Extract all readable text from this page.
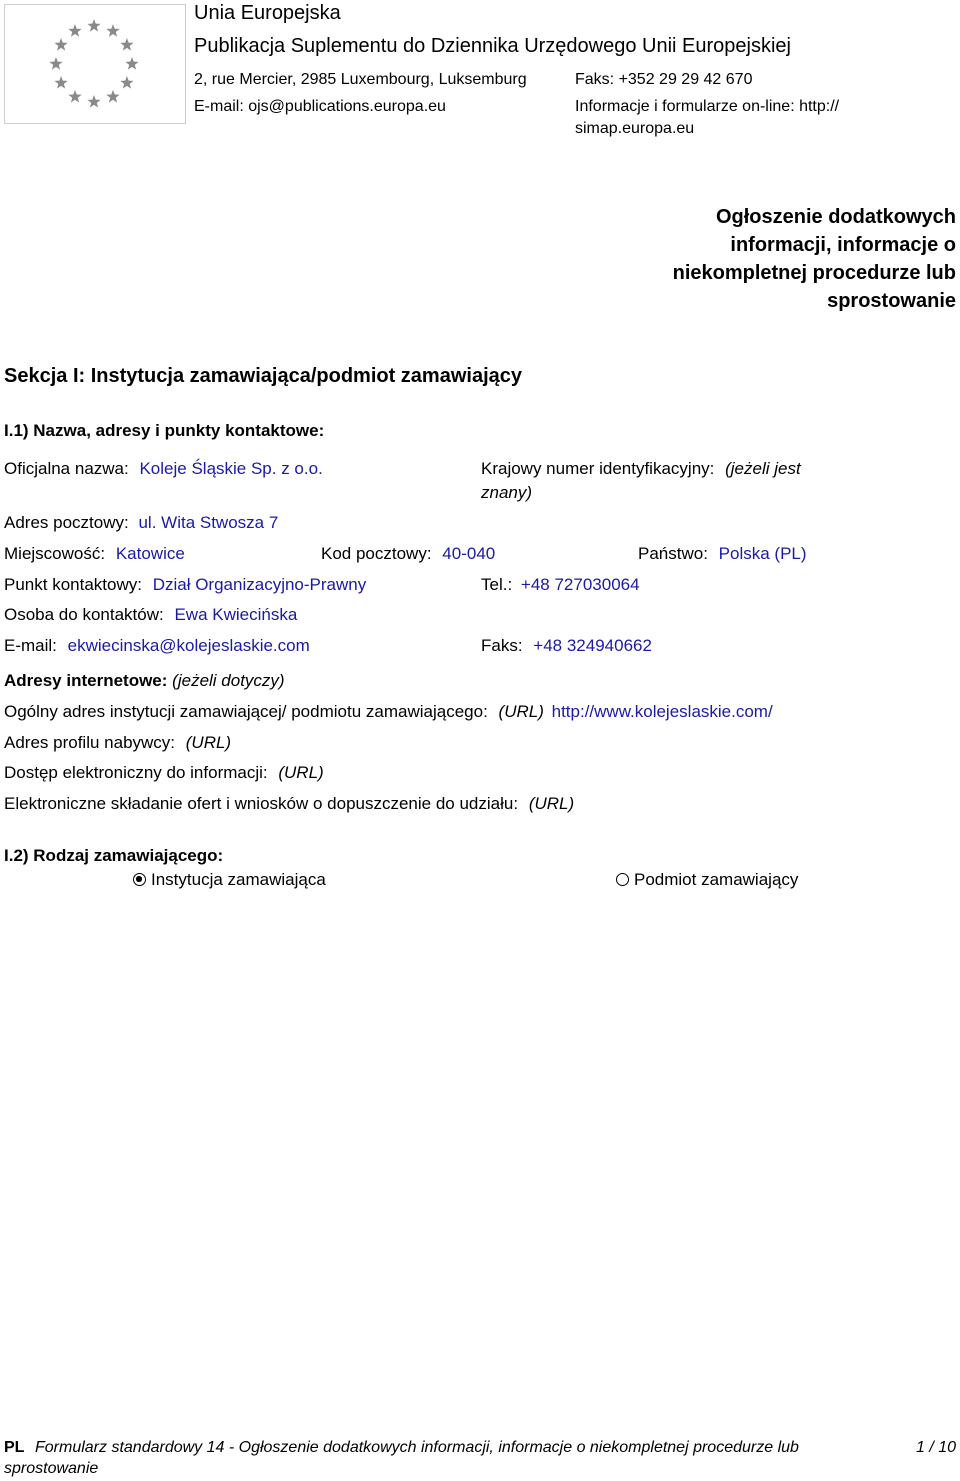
Unia Europejska
Publikacja Suplementu do Dziennika Urzędowego Unii Europejskiej
2, rue Mercier, 2985 Luxembourg, Luksemburg	Faks: +352 29 29 42 670
E-mail: ojs@publications.europa.eu	Informacje i formularze on-line: http://
simap.europa.eu
Ogłoszenie dodatkowych
informacji, informacje o
niekompletnej procedurze lub
sprostowanie
Sekcja I: Instytucja zamawiająca/podmiot zamawiający
I.1) Nazwa, adresy i punkty kontaktowe:
Oficjalna nazwa: Koleje Śląskie Sp. z o.o.	Krajowy numer identyfikacyjny: (jeżeli jest
znany)
Adres pocztowy: ul. Wita Stwosza 7
Miejscowość: Katowice	Kod pocztowy: 40-040	Państwo: Polska (PL)
Punkt kontaktowy: Dział Organizacyjno-Prawny	Tel.: +48 727030064
Osoba do kontaktów: Ewa Kwiecińska
E-mail: ekwiecinska@kolejeslaskie.com	Faks: +48 324940662
Adresy internetowe: (jeżeli dotyczy)
Ogólny adres instytucji zamawiającej/ podmiotu zamawiającego: (URL) http://www.kolejeslaskie.com/
Adres profilu nabywcy: (URL)
Dostęp elektroniczny do informacji: (URL)
Elektroniczne składanie ofert i wniosków o dopuszczenie do udziału: (URL)
I.2) Rodzaj zamawiającego:
Instytucja zamawiająca	Podmiot zamawiający
PL Formularz standardowy 14 - Ogłoszenie dodatkowych informacji, informacje o niekompletnej procedurze lub
sprostowanie
1 / 10
